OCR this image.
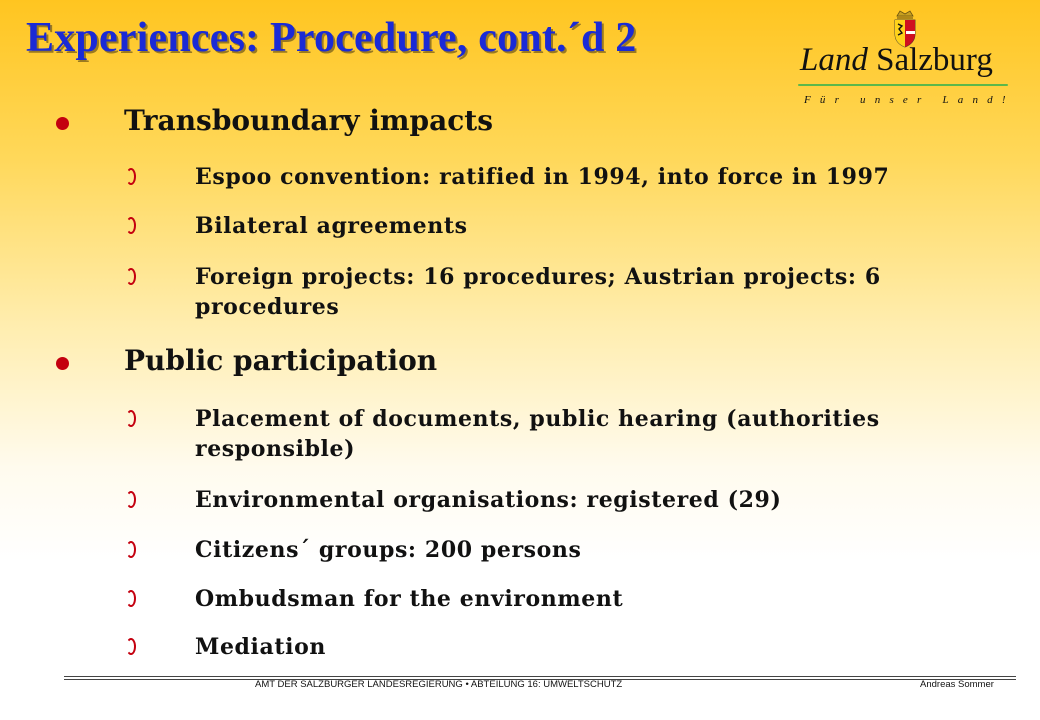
Experiences: Procedure, cont.´d 2	Land Salzburg
Für unser Land!
Transboundary impacts
Espoo convention: ratified in 1994, into force in 1997
Bilateral agreements
Foreign projects: 16 procedures; Austrian projects: 6 procedures
Public participation
Placement of documents, public hearing (authorities responsible)
Environmental organisations: registered (29)
Citizens´ groups: 200 persons
Ombudsman for the environment
Mediation
AMT DER SALZBURGER LANDESREGIERUNG • ABTEILUNG 16: UMWELTSCHUTZ	Andreas Sommer
